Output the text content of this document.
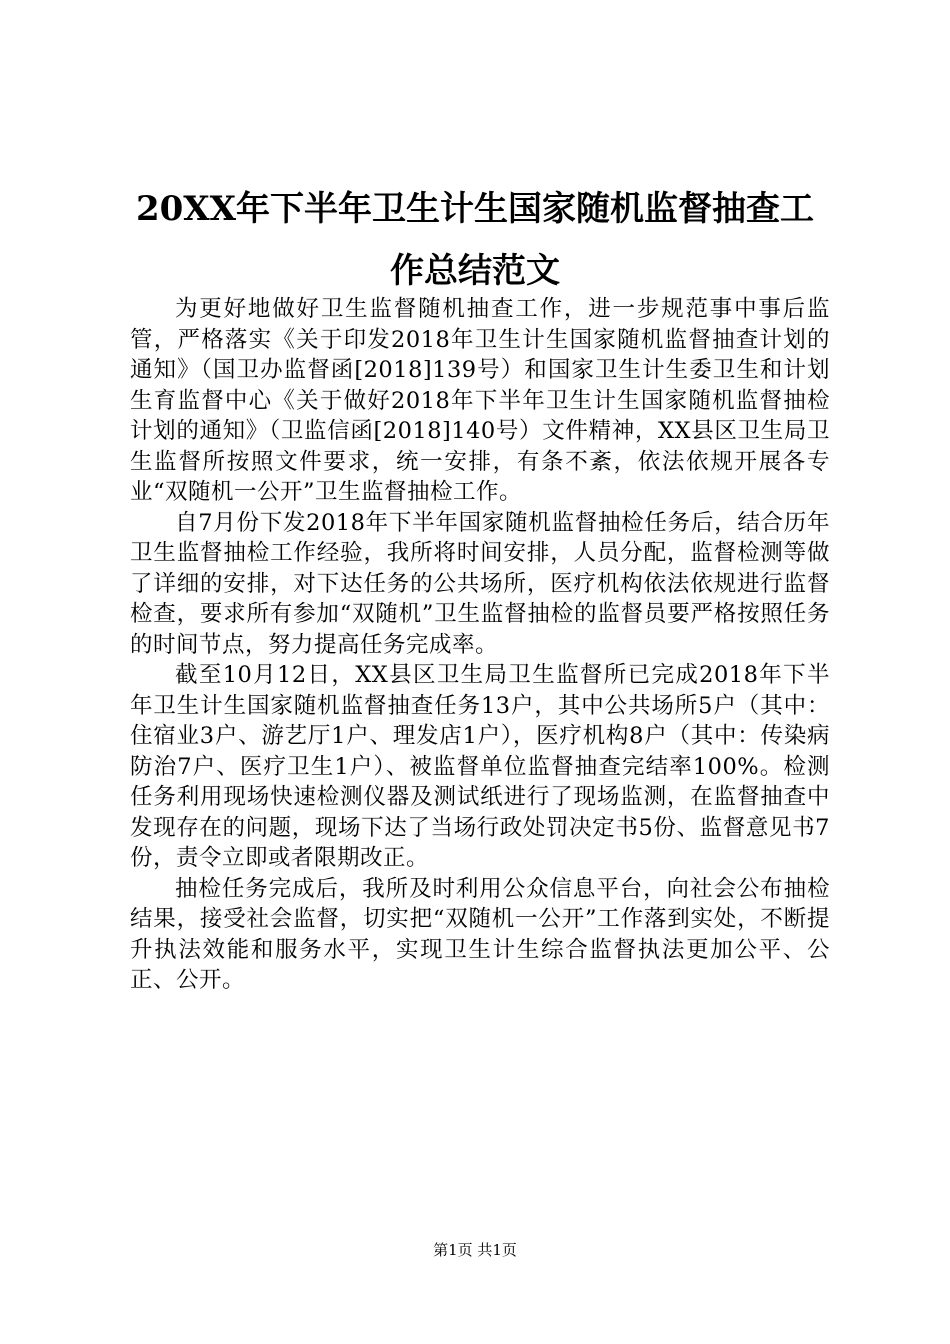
20XX年下半年卫生计生国家随机监督抽查工
作总结范文

为更好地做好卫生监督随机抽查工作，进一步规范事中事后监管，严格落实《关于印发2018年卫生计生国家随机监督抽查计划的通知》（国卫办监督函[2018]139号）和国家卫生计生委卫生和计划生育监督中心《关于做好2018年下半年卫生计生国家随机监督抽检计划的通知》（卫监信函[2018]140号）文件精神，XX县区卫生局卫生监督所按照文件要求，统一安排，有条不紊，依法依规开展各专业“双随机一公开”卫生监督抽检工作。

自7月份下发2018年下半年国家随机监督抽检任务后，结合历年卫生监督抽检工作经验，我所将时间安排，人员分配，监督检测等做了详细的安排，对下达任务的公共场所，医疗机构依法依规进行监督检查，要求所有参加“双随机”卫生监督抽检的监督员要严格按照任务的时间节点，努力提高任务完成率。

截至10月12日，XX县区卫生局卫生监督所已完成2018年下半年卫生计生国家随机监督抽查任务13户，其中公共场所5户（其中：住宿业3户、游艺厅1户、理发店1户），医疗机构8户（其中：传染病防治7户、医疗卫生1户）、被监督单位监督抽查完结率100%。检测任务利用现场快速检测仪器及测试纸进行了现场监测，在监督抽查中发现存在的问题，现场下达了当场行政处罚决定书5份、监督意见书7份，责令立即或者限期改正。

抽检任务完成后，我所及时利用公众信息平台，向社会公布抽检结果，接受社会监督，切实把“双随机一公开”工作落到实处，不断提升执法效能和服务水平，实现卫生计生综合监督执法更加公平、公正、公开。

第1页 共1页
